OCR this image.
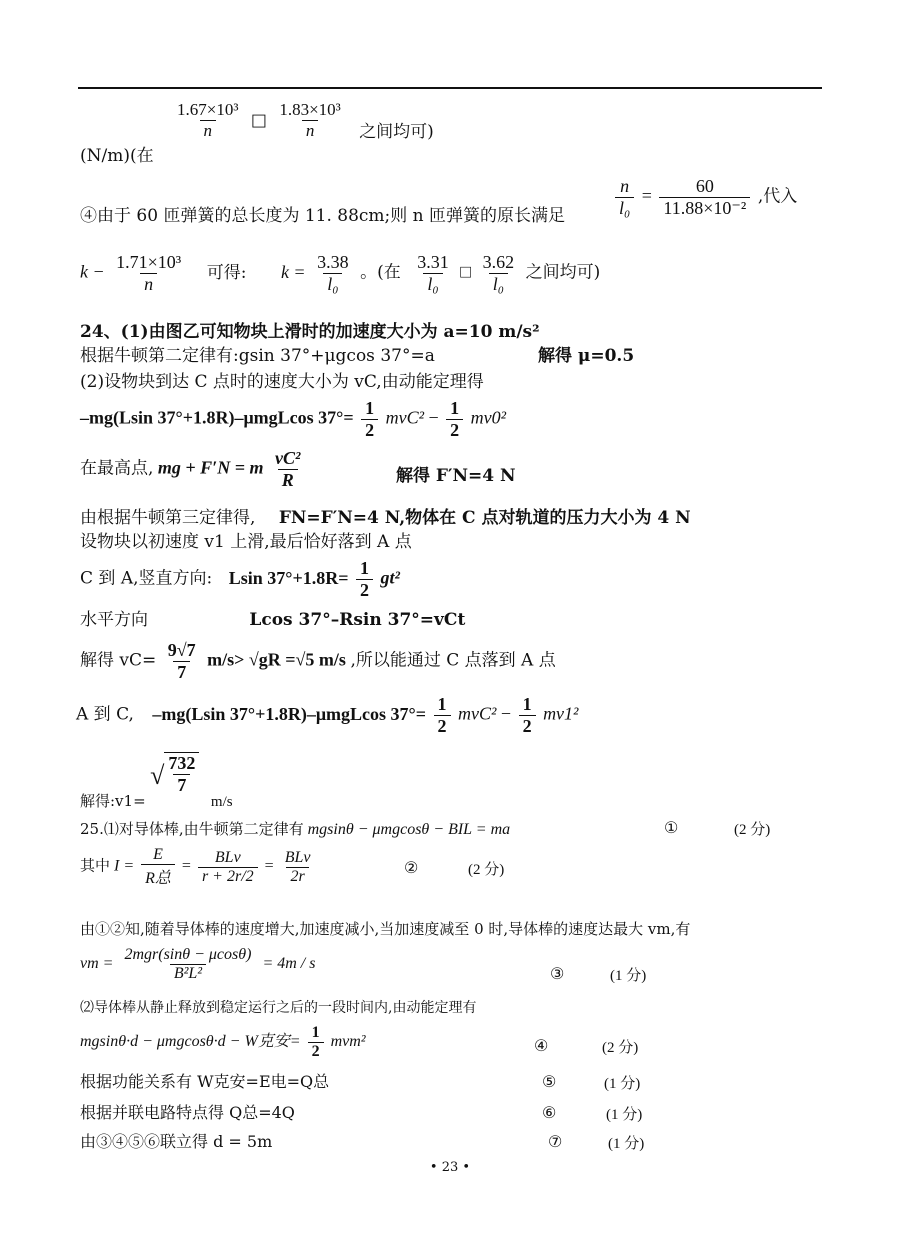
(N/m)(在
$\frac{\text{1.67×10³}}{n}$ □ $\frac{\text{1.83×10³}}{n}$ 之间均可)
④由于 60 匝弹簧的总长度为 11. 88cm;则 n 匝弹簧的原长满足	$\frac{n}{\text{l₀}} = \frac{60}{\text{11.88×10⁻²}}$ ,代入
$k - \frac{\text{1.71×10³}}{n}$ 可得: $k = \frac{3.38}{\text{l₀}}$ 。(在 $\frac{3.31}{\text{l₀}}$ □ $\frac{3.62}{\text{l₀}}$ 之间均可)
24、(1)由图乙可知物块上滑时的加速度大小为 a=10 m/s²
根据牛顿第二定律有:gsin 37°+μgcos 37°=a	解得 μ=0.5
(2)设物块到达 C 点时的速度大小为 vC,由动能定理得
–mg(Lsin 37°+1.8R)–μmgLcos $37^\circ= \frac{1}{2} mvC^2 - \frac{1}{2} mv0^2$
在最高点, mg + F′N = m $\frac{\text{vC²}}{R}$	解得 F′N=4 N
由根据牛顿第三定律得, FN=F′N=4 N,物体在 C 点对轨道的压力大小为 4 N
设物块以初速度 v1 上滑,最后恰好落到 A 点
C 到 A,竖直方向: Lsin $37^\circ+1.8R= \frac{1}{2} gt^2$
水平方向	Lcos 37°–Rsin 37°=vCt
解得 $vC= \frac{9√7}{7} m/s> √gR =√5$ m/s ,所以能通过 C 点落到 A 点
A 到 C, –mg(Lsin 37°+1.8R)–μmgLcos $37^\circ= \frac{1}{2} mvC^2 - \frac{1}{2} mv1^2$
$_{解得:v1=}$ √ $\frac{732}{7}$
$_{m/s}$
25.⑴对导体棒,由牛顿第二定律有 mgsinθ − μmgcosθ − BIL = ma	①	(2 分)
其中 $I = \frac{E}{\text{R总}} = \frac{\text{BLv}}{r + 2r/2} = \frac{\text{BLv}}{2r}$	②	(2 分)
由①②知,随着导体棒的速度增大,加速度减小,当加速度减至 0 时,导体棒的速度达最大 vm,有
vm = $\frac{\text{2mgr(sinθ − μcosθ)}}{\text{B²L²}} = 4m / s$
③	(1 分)
⑵导体棒从静止释放到稳定运行之后的一段时间内,由动能定理有
mgsinθ·d − μmgcosθ·d − W克安= $\frac{1}{2} mvm^2$	④	(2 分)
根据功能关系有 W克安=E电=Q总	⑤	(1 分)
根据并联电路特点得 Q总=4Q	⑥	(1 分)
由③④⑤⑥联立得 d = 5m	⑦	(1 分)
• 23 •
